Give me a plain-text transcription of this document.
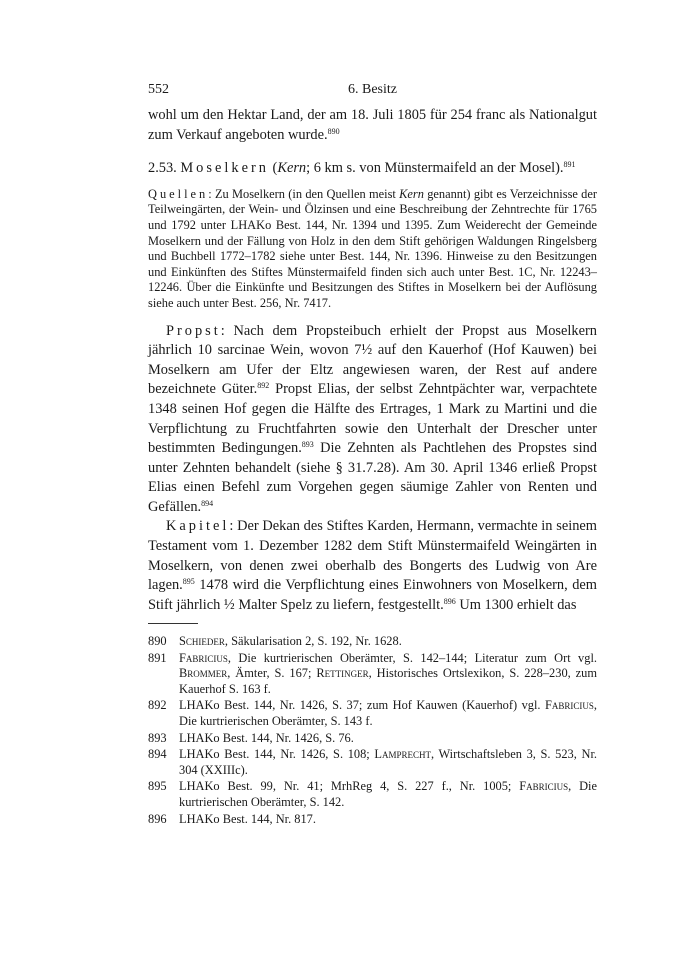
552	6. Besitz

wohl um den Hektar Land, der am 18. Juli 1805 für 254 franc als Nationalgut zum Verkauf angeboten wurde.$^{890}$

2.53. Moselkern (Kern; 6 km s. von Münstermaifeld an der Mosel).$^{891}$

Quellen: Zu Moselkern (in den Quellen meist Kern genannt) gibt es Verzeichnisse der Teilweingärten, der Wein- und Ölzinsen und eine Beschreibung der Zehntrechte für 1765 und 1792 unter LHAKo Best. 144, Nr. 1394 und 1395. Zum Weiderecht der Gemeinde Moselkern und der Fällung von Holz in den dem Stift gehörigen Waldungen Ringelsberg und Buchbell 1772–1782 siehe unter Best. 144, Nr. 1396. Hinweise zu den Besitzungen und Einkünften des Stiftes Münstermaifeld finden sich auch unter Best. 1C, Nr. 12243–12246. Über die Einkünfte und Besitzungen des Stiftes in Moselkern bei der Auflösung siehe auch unter Best. 256, Nr. 7417.

Propst: Nach dem Propsteibuch erhielt der Propst aus Moselkern jährlich 10 sarcinae Wein, wovon 7½ auf den Kauerhof (Hof Kauwen) bei Moselkern am Ufer der Eltz angewiesen waren, der Rest auf andere bezeichnete Güter.$^{892}$ Propst Elias, der selbst Zehntpächter war, verpachtete 1348 seinen Hof gegen die Hälfte des Ertrages, 1 Mark zu Martini und die Verpflichtung zu Fruchtfahrten sowie den Unterhalt der Drescher unter bestimmten Bedingungen.$^{893}$ Die Zehnten als Pachtlehen des Propstes sind unter Zehnten behandelt (siehe § 31.7.28). Am 30. April 1346 erließ Propst Elias einen Befehl zum Vorgehen gegen säumige Zahler von Renten und Gefällen.$^{894}$

Kapitel: Der Dekan des Stiftes Karden, Hermann, vermachte in seinem Testament vom 1. Dezember 1282 dem Stift Münstermaifeld Weingärten in Moselkern, von denen zwei oberhalb des Bongerts des Ludwig von Are lagen.$^{895}$ 1478 wird die Verpflichtung eines Einwohners von Moselkern, dem Stift jährlich ½ Malter Spelz zu liefern, festgestellt.$^{896}$ Um 1300 erhielt das

890	Schieder, Säkularisation 2, S. 192, Nr. 1628.
891	Fabricius, Die kurtrierischen Oberämter, S. 142–144; Literatur zum Ort vgl. Brommer, Ämter, S. 167; Rettinger, Historisches Ortslexikon, S. 228–230, zum Kauerhof S. 163 f.
892	LHAKo Best. 144, Nr. 1426, S. 37; zum Hof Kauwen (Kauerhof) vgl. Fabricius, Die kurtrierischen Oberämter, S. 143 f.
893	LHAKo Best. 144, Nr. 1426, S. 76.
894	LHAKo Best. 144, Nr. 1426, S. 108; Lamprecht, Wirtschaftsleben 3, S. 523, Nr. 304 (XXIIIc).
895	LHAKo Best. 99, Nr. 41; MrhReg 4, S. 227 f., Nr. 1005; Fabricius, Die kurtrierischen Oberämter, S. 142.
896	LHAKo Best. 144, Nr. 817.
